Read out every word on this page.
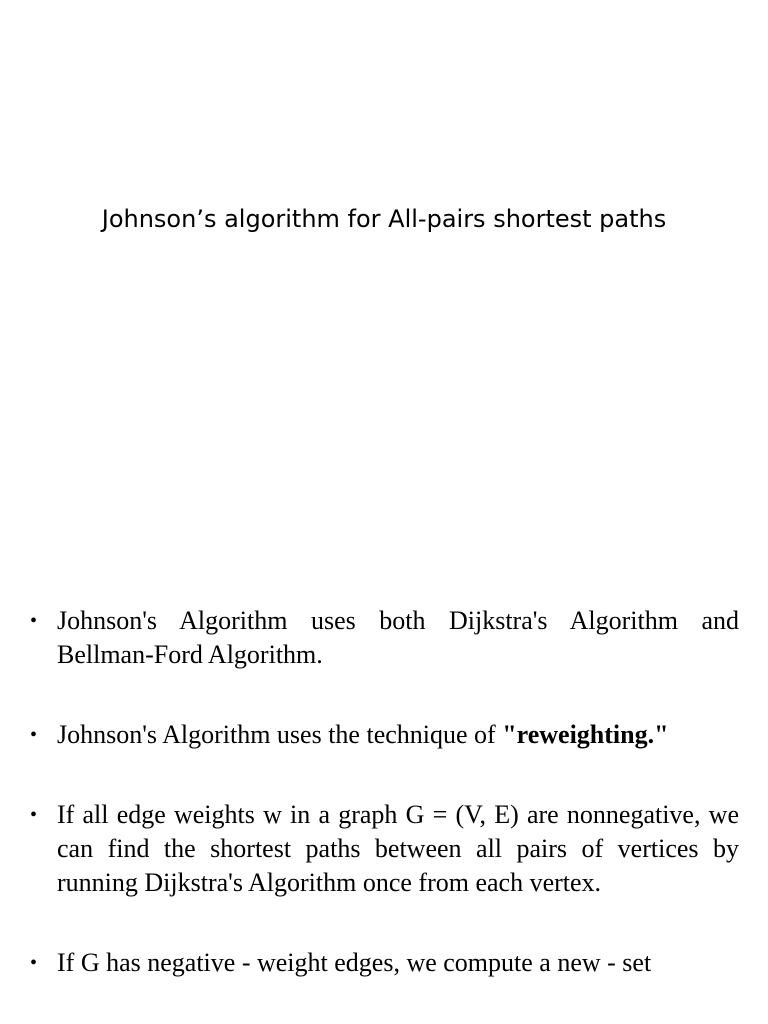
Johnson’s algorithm for All-pairs shortest paths
• Johnson's Algorithm uses both Dijkstra's Algorithm and Bellman-Ford Algorithm.
• Johnson's Algorithm uses the technique of "reweighting."
• If all edge weights w in a graph G = (V, E) are nonnegative, we can find the shortest paths between all pairs of vertices by running Dijkstra's Algorithm once from each vertex.
• If G has negative - weight edges, we compute a new - set
